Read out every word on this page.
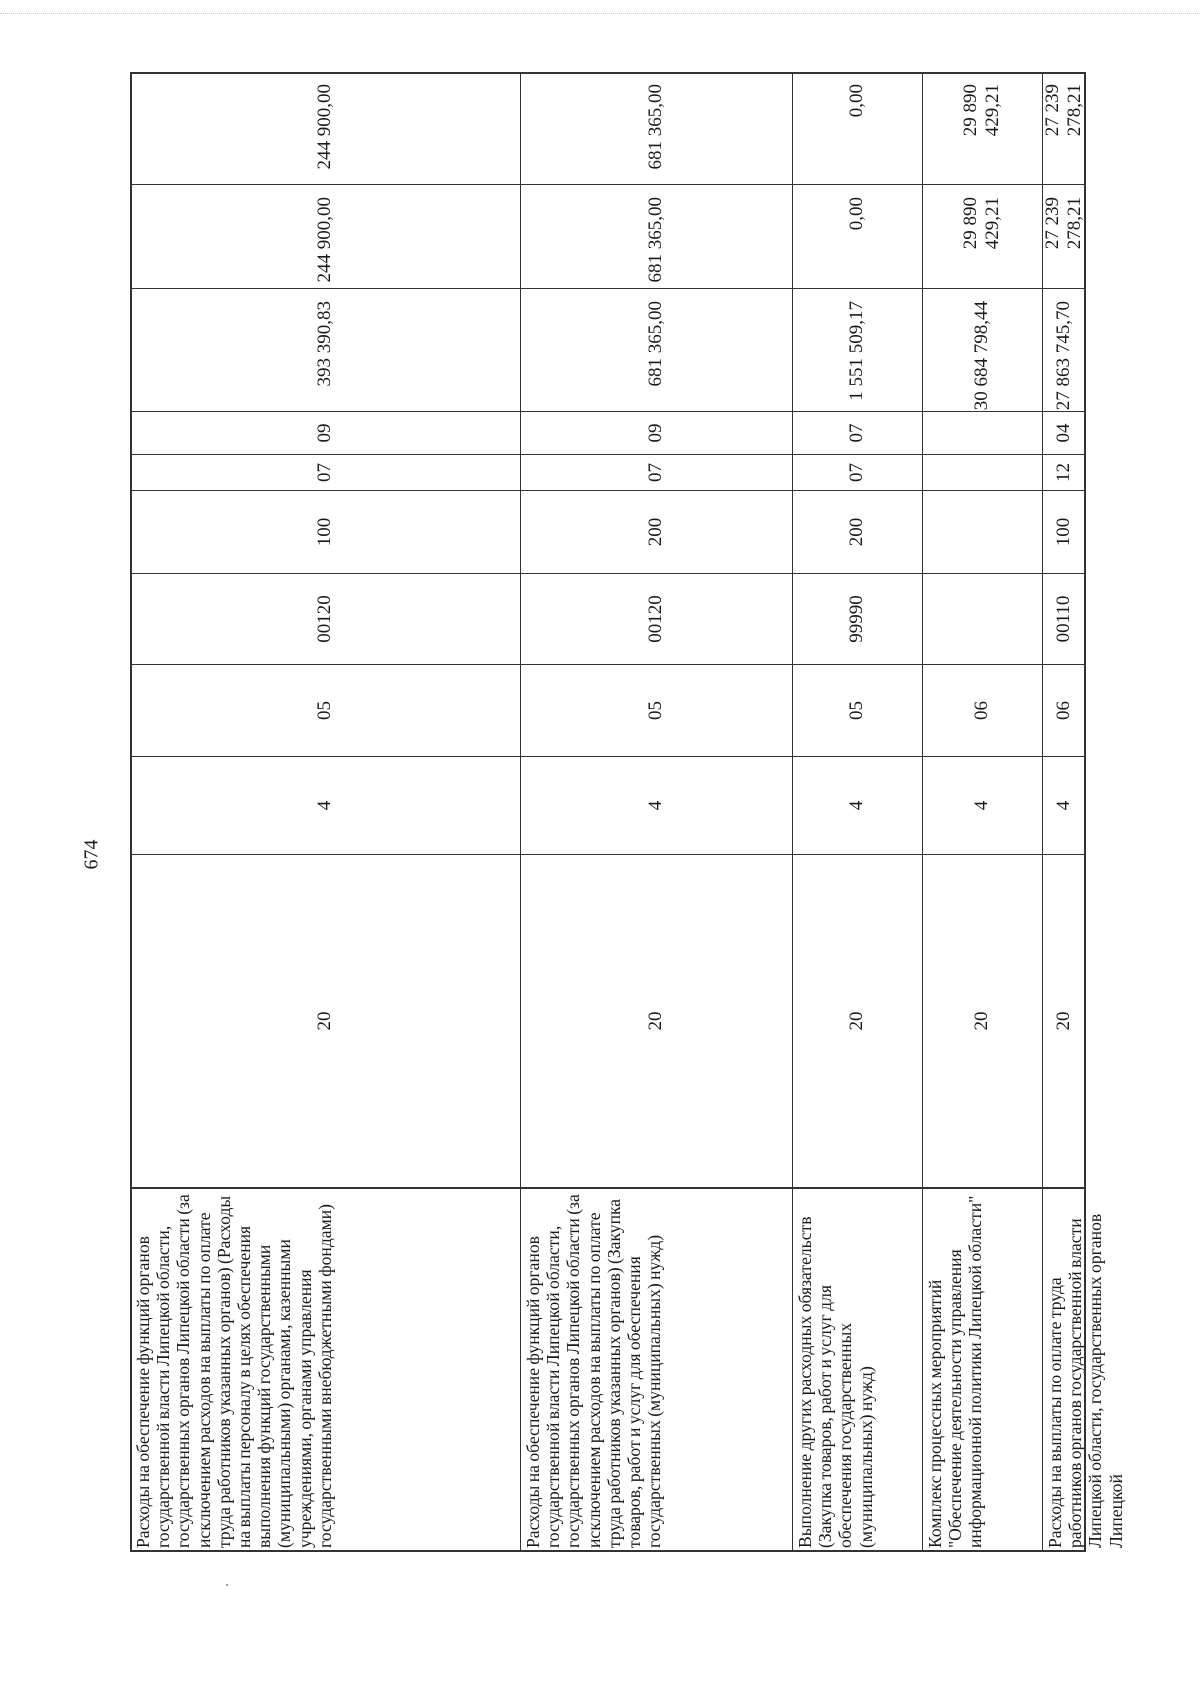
674
Расходы на обеспечение функций органов государственной власти Липецкой области, государственных органов Липецкой области (за исключением расходов на выплаты по оплате труда работников указанных органов) (Расходы на выплаты персоналу в целях обеспечения выполнения функций государственными (муниципальными) органами, казенными учреждениями, органами управления государственными внебюджетными фондами)
20
4
05
00120
100
07
09
393 390,83
244 900,00
244 900,00
Расходы на обеспечение функций органов государственной власти Липецкой области, государственных органов Липецкой области (за исключением расходов на выплаты по оплате труда работников указанных органов) (Закупка товаров, работ и услуг для обеспечения государственных (муниципальных) нужд)
20
4
05
00120
200
07
09
681 365,00
681 365,00
681 365,00
Выполнение других расходных обязательств (Закупка товаров, работ и услуг для обеспечения государственных (муниципальных) нужд)
20
4
05
99990
200
07
07
1 551 509,17
0,00
0,00
Комплекс процессных мероприятий "Обеспечение деятельности управления информационной политики Липецкой области"
20
4
06
30 684 798,44
29 890 429,21
29 890 429,21
Расходы на выплаты по оплате труда работников органов государственной власти Липецкой области, государственных органов Липецкой
20
4
06
00110
100
12
04
27 863 745,70
27 239 278,21
27 239 278,21
